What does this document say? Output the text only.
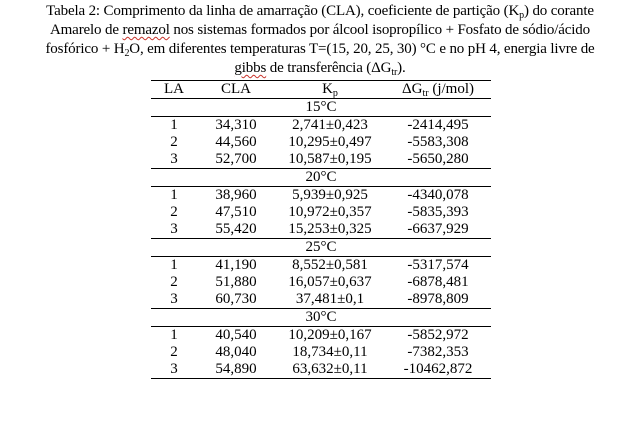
Tabela 2: Comprimento da linha de amarração (CLA), coeficiente de partição $(K_p)$ do corante
Amarelo de remazol nos sistemas formados por álcool isopropílico + Fosfato de sódio/ácido
fosfórico + $H_2O$, em diferentes temperaturas T=(15, 20, 25, 30) °C e no pH 4, energia livre de
gibbs de transferência $(\Delta G_{tr})$.
LA	CLA	$K_p$	$\Delta G_{tr}$ (j/mol)
15°C			
1	34,310	2,741±0,423	-2414,495
2	44,560	10,295±0,497	-5583,308
3	52,700	10,587±0,195	-5650,280
20°C			
1	38,960	5,939±0,925	-4340,078
2	47,510	10,972±0,357	-5835,393
3	55,420	15,253±0,325	-6637,929
25°C			
1	41,190	8,552±0,581	-5317,574
2	51,880	16,057±0,637	-6878,481
3	60,730	37,481±0,1	-8978,809
30°C			
1	40,540	10,209±0,167	-5852,972
2	48,040	18,734±0,11	-7382,353
3	54,890	63,632±0,11	-10462,872
